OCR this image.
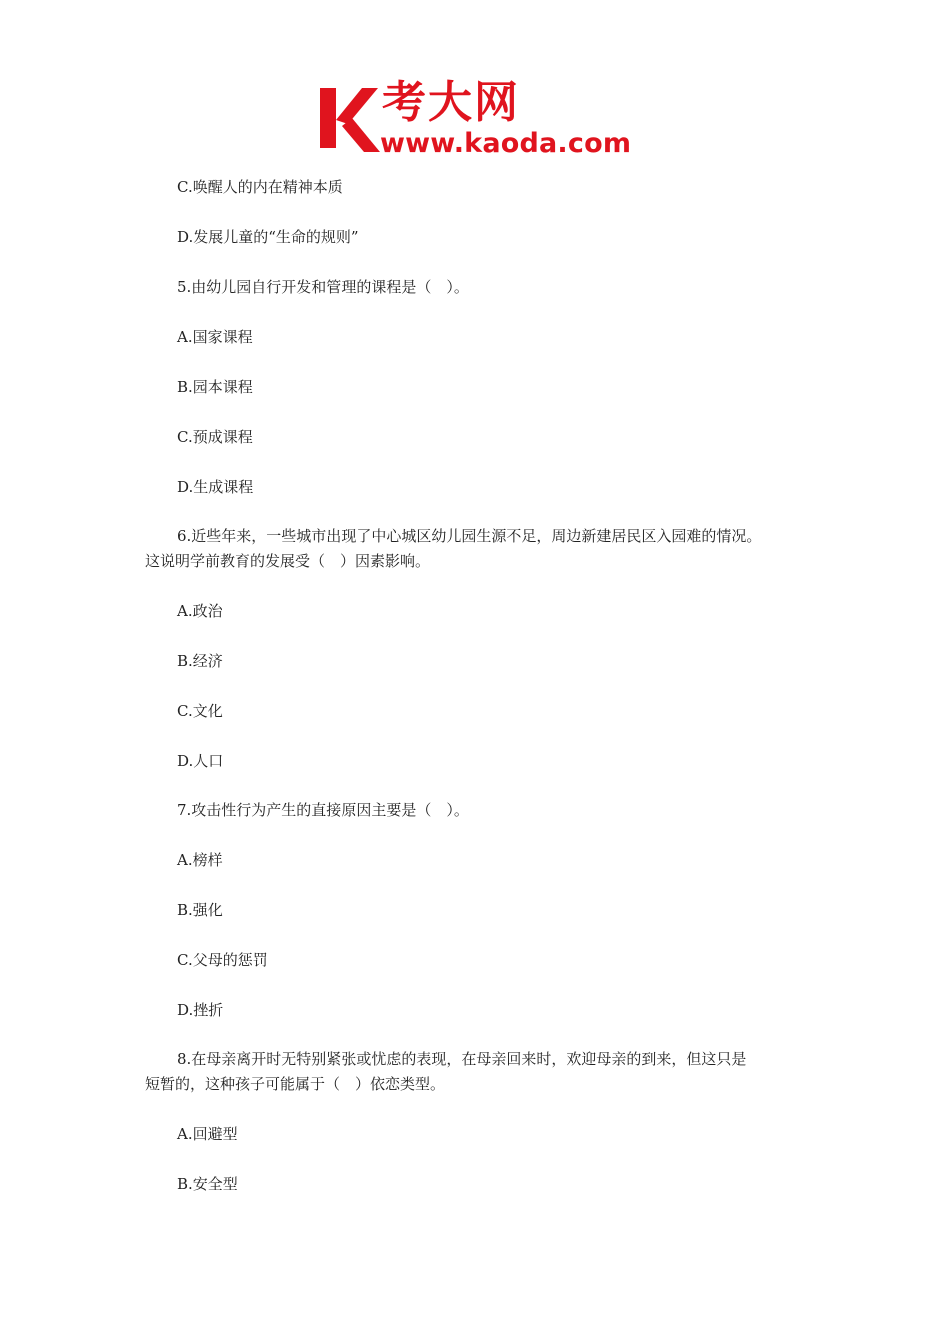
考大网
www.kaoda.com
C.唤醒人的内在精神本质
D.发展儿童的“生命的规则”
5.由幼儿园自行开发和管理的课程是（　）。
A.国家课程
B.园本课程
C.预成课程
D.生成课程
6.近些年来，一些城市出现了中心城区幼儿园生源不足，周边新建居民区入园难的情况。
这说明学前教育的发展受（　）因素影响。
A.政治
B.经济
C.文化
D.人口
7.攻击性行为产生的直接原因主要是（　）。
A.榜样
B.强化
C.父母的惩罚
D.挫折
8.在母亲离开时无特别紧张或忧虑的表现，在母亲回来时，欢迎母亲的到来，但这只是
短暂的，这种孩子可能属于（　）依恋类型。
A.回避型
B.安全型
